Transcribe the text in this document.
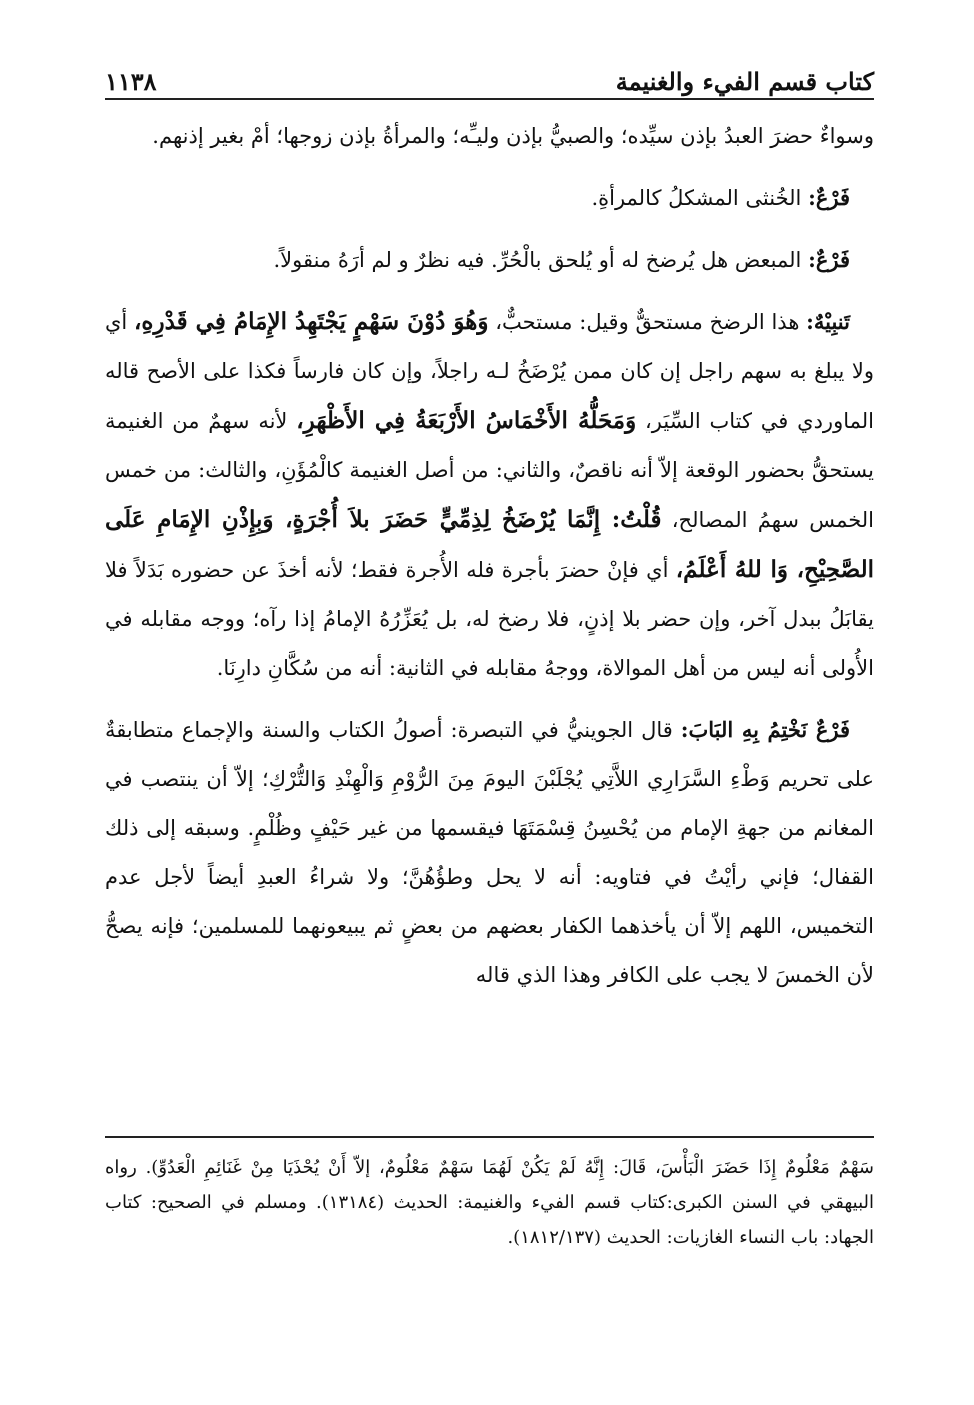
كتاب قسم الفيء والغنيمة
١١٣٨

وسواءٌ حضرَ العبدُ بإذن سيِّده؛ والصبيُّ بإذن وليـِّه؛ والمرأةُ بإذن زوجها؛ أمْ بغير إذنهم.

فَرْعٌ: الخُنثى المشكلُ كالمرأةِ.

فَرْعٌ: المبعض هل يُرضخ له أو يُلحق بالْحُرِّ. فيه نظرٌ و لم أرَهُ منقولاً.

تَنبِيْهٌ: هذا الرضخ مستحقٌّ وقيل: مستحبٌّ، وَهُوَ دُوْنَ سَهْمٍ يَجْتَهِدُ الإِمَامُ فِي قَدْرِهِ، أي ولا يبلغ به سهم راجل إن كان ممن يُرْضَخُ لـه راجلاً، وإن كان فارساً فكذا على الأصح قاله الماوردي في كتاب السِّيَر، وَمَحَلُّهُ الأَخْمَاسُ الأَرْبَعَةُ فِي الأَظْهَرِ، لأنه سهمٌ من الغنيمة يستحقُّ بحضور الوقعة إلاّ أنه ناقصٌ، والثاني: من أصل الغنيمة كالْمُؤَنِ، والثالث: من خمس الخمس سهمُ المصالح، قُلْتُ: إِنَّمَا يُرْضَخُ لِذِمِّيٍّ حَضَرَ بلاَ أُجْرَةٍ، وَبِإِذْنِ الإِمَامِ عَلَى الصَّحِيْحِ، وَا للهُ أَعْلَمُ، أي فإنْ حضرَ بأجرة فله الأُجرة فقط؛ لأنه أخذَ عن حضوره بَدَلاً فلا يقابَلُ ببدل آخر، وإن حضر بلا إذنٍ، فلا رضخ له، بل يُعَزِّرُهُ الإمامُ إذا رآه؛ ووجه مقابله في الأُولى أنه ليس من أهل الموالاة، ووجهُ مقابله في الثانية: أنه من سُكَّانِ دارِنَا.

فَرْعٌ نَخْتِمُ بِهِ البَابَ: قال الجوينيُّ في التبصرة: أصولُ الكتاب والسنة والإجماع متطابقةٌ على تحريم وَطْءِ السَّرَارِي اللاَّتِي يُجْلَبْنَ اليومَ مِنَ الرُّوْمِ وَالْهِنْدِ وَالتُّرْكِ؛ إلاّ أن ينتصب في المغانم من جهةِ الإمام من يُحْسِنُ قِسْمَتَهَا فيقسمها من غير حَيْفٍ وظُلْمٍ. وسبقه إلى ذلك القفال؛ فإني رأيْتُ في فتاويه: أنه لا يحل وطؤُهُنَّ؛ ولا شراءُ العبدِ أيضاً لأجل عدم التخميس، اللهم إلاّ أن يأخذهما الكفار بعضهم من بعضٍ ثم يبيعونهما للمسلمين؛ فإنه يصحُّ لأن الخمسَ لا يجب على الكافر وهذا الذي قاله

سَهْمٌ مَعْلُومٌ إِذَا حَضَرَ الْبَأْسَ، قَالَ: إِنَّهُ لَمْ يَكُنْ لَهُمَا سَهْمٌ مَعْلُومٌ، إلاّ أَنْ يُحْذَيَا مِنْ غَنَائِمِ الْعَدُوِّ). رواه البيهقي في السنن الكبرى:كتاب قسم الفيء والغنيمة: الحديث (١٣١٨٤). ومسلم في الصحيح: كتاب الجهاد: باب النساء الغازيات: الحديث (١٨١٢/١٣٧).
